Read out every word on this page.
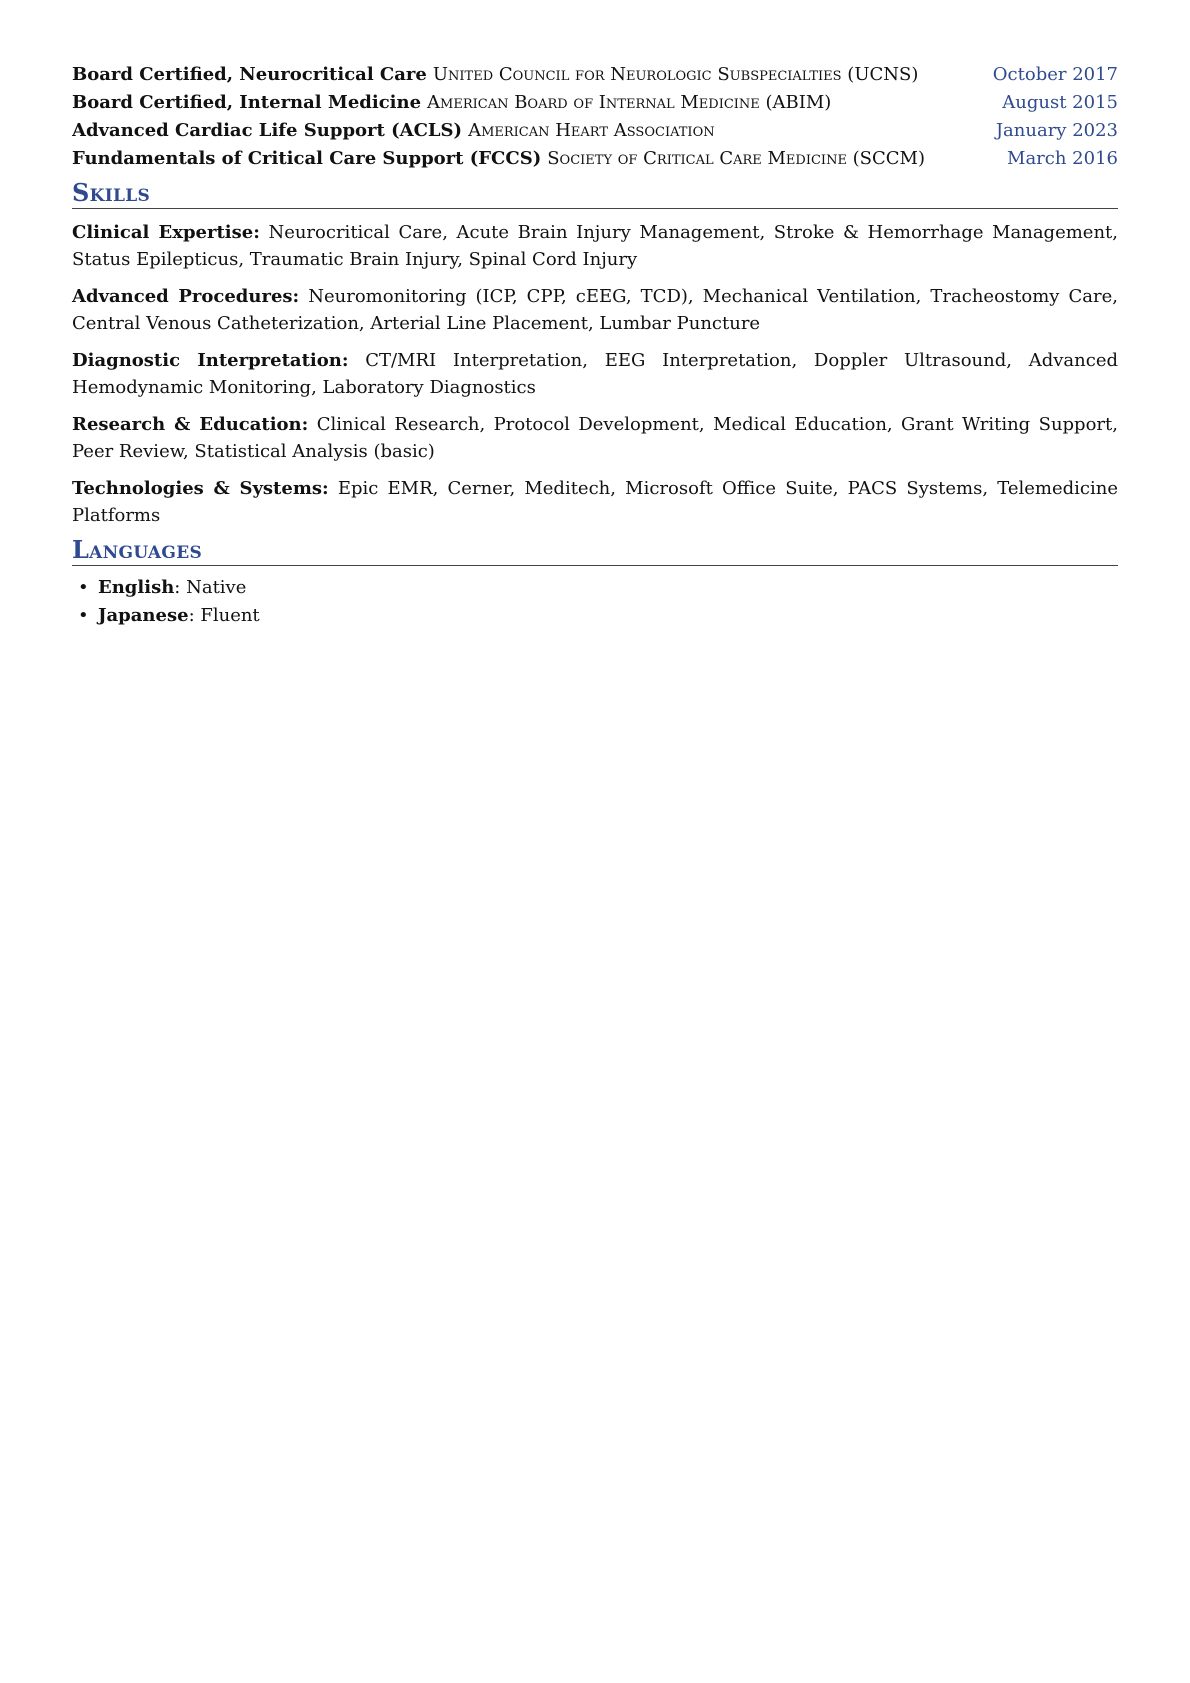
Board Certified, Neurocritical Care United Council for Neurologic Subspecialties (UCNS)	October 2017
Board Certified, Internal Medicine American Board of Internal Medicine (ABIM)	August 2015
Advanced Cardiac Life Support (ACLS) American Heart Association	January 2023
Fundamentals of Critical Care Support (FCCS) Society of Critical Care Medicine (SCCM)	March 2016
Skills
Clinical Expertise: Neurocritical Care, Acute Brain Injury Management, Stroke & Hemorrhage Management, Status Epilepticus, Traumatic Brain Injury, Spinal Cord Injury
Advanced Procedures: Neuromonitoring (ICP, CPP, cEEG, TCD), Mechanical Ventilation, Tracheostomy Care, Central Venous Catheterization, Arterial Line Placement, Lumbar Puncture
Diagnostic Interpretation: CT/MRI Interpretation, EEG Interpretation, Doppler Ultrasound, Advanced Hemodynamic Monitoring, Laboratory Diagnostics
Research & Education: Clinical Research, Protocol Development, Medical Education, Grant Writing Support, Peer Review, Statistical Analysis (basic)
Technologies & Systems: Epic EMR, Cerner, Meditech, Microsoft Office Suite, PACS Systems, Telemedicine Platforms
Languages
• English: Native
• Japanese: Fluent
